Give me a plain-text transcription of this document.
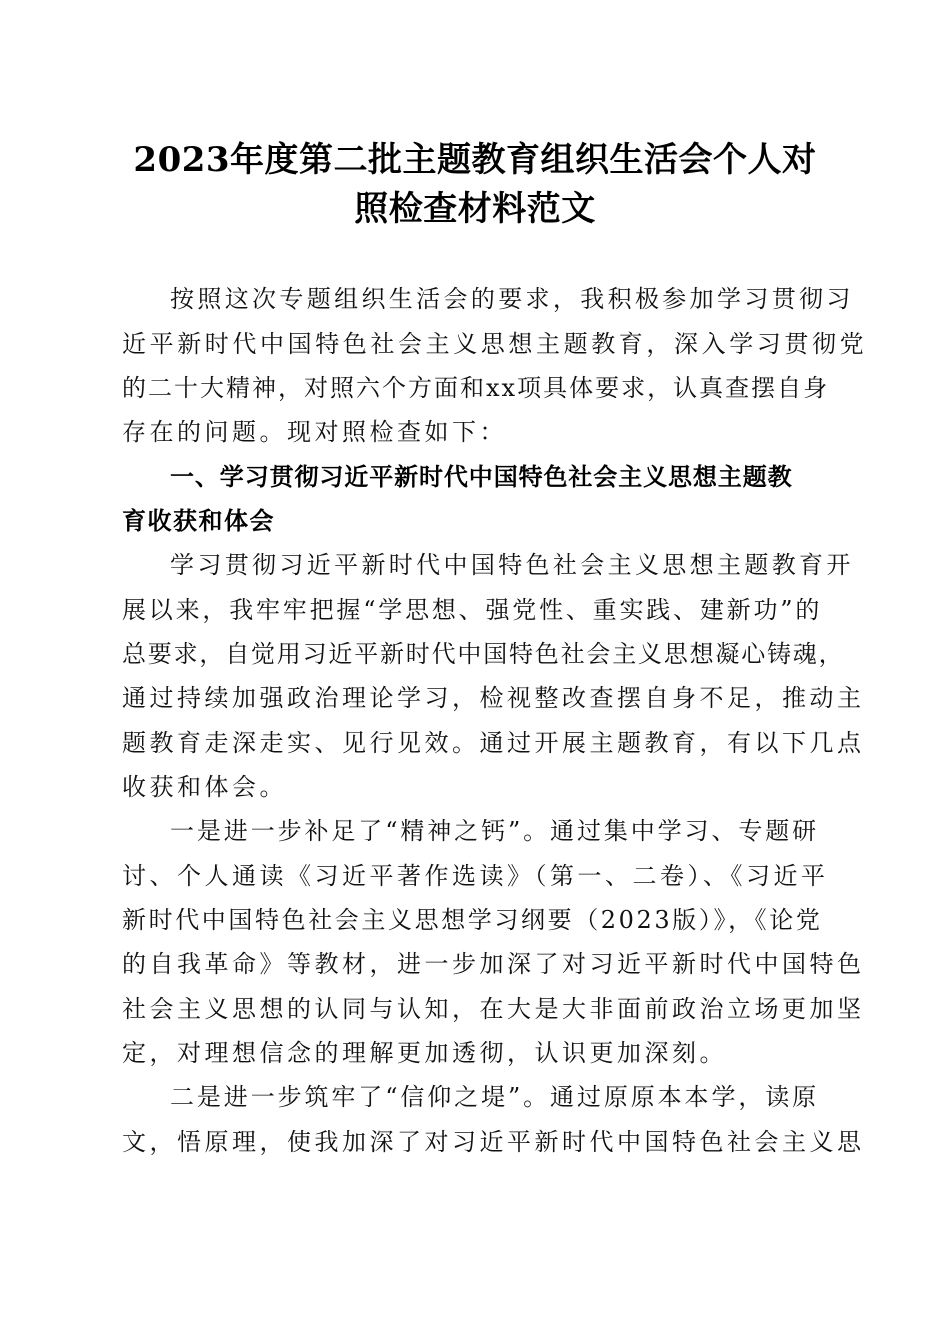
2023年度第二批主题教育组织生活会个人对
照检查材料范文
按照这次专题组织生活会的要求，我积极参加学习贯彻习
近平新时代中国特色社会主义思想主题教育，深入学习贯彻党
的二十大精神，对照六个方面和xx项具体要求，认真查摆自身
存在的问题。现对照检查如下：
一、学习贯彻习近平新时代中国特色社会主义思想主题教
育收获和体会
学习贯彻习近平新时代中国特色社会主义思想主题教育开
展以来，我牢牢把握“学思想、强党性、重实践、建新功”的
总要求，自觉用习近平新时代中国特色社会主义思想凝心铸魂，
通过持续加强政治理论学习，检视整改查摆自身不足，推动主
题教育走深走实、见行见效。通过开展主题教育，有以下几点
收获和体会。
一是进一步补足了“精神之钙”。通过集中学习、专题研
讨、个人通读《习近平著作选读》（第一、二卷）、《习近平
新时代中国特色社会主义思想学习纲要（2023版）》，《论党
的自我革命》等教材，进一步加深了对习近平新时代中国特色
社会主义思想的认同与认知，在大是大非面前政治立场更加坚
定，对理想信念的理解更加透彻，认识更加深刻。
二是进一步筑牢了“信仰之堤”。通过原原本本学，读原
文，悟原理，使我加深了对习近平新时代中国特色社会主义思
